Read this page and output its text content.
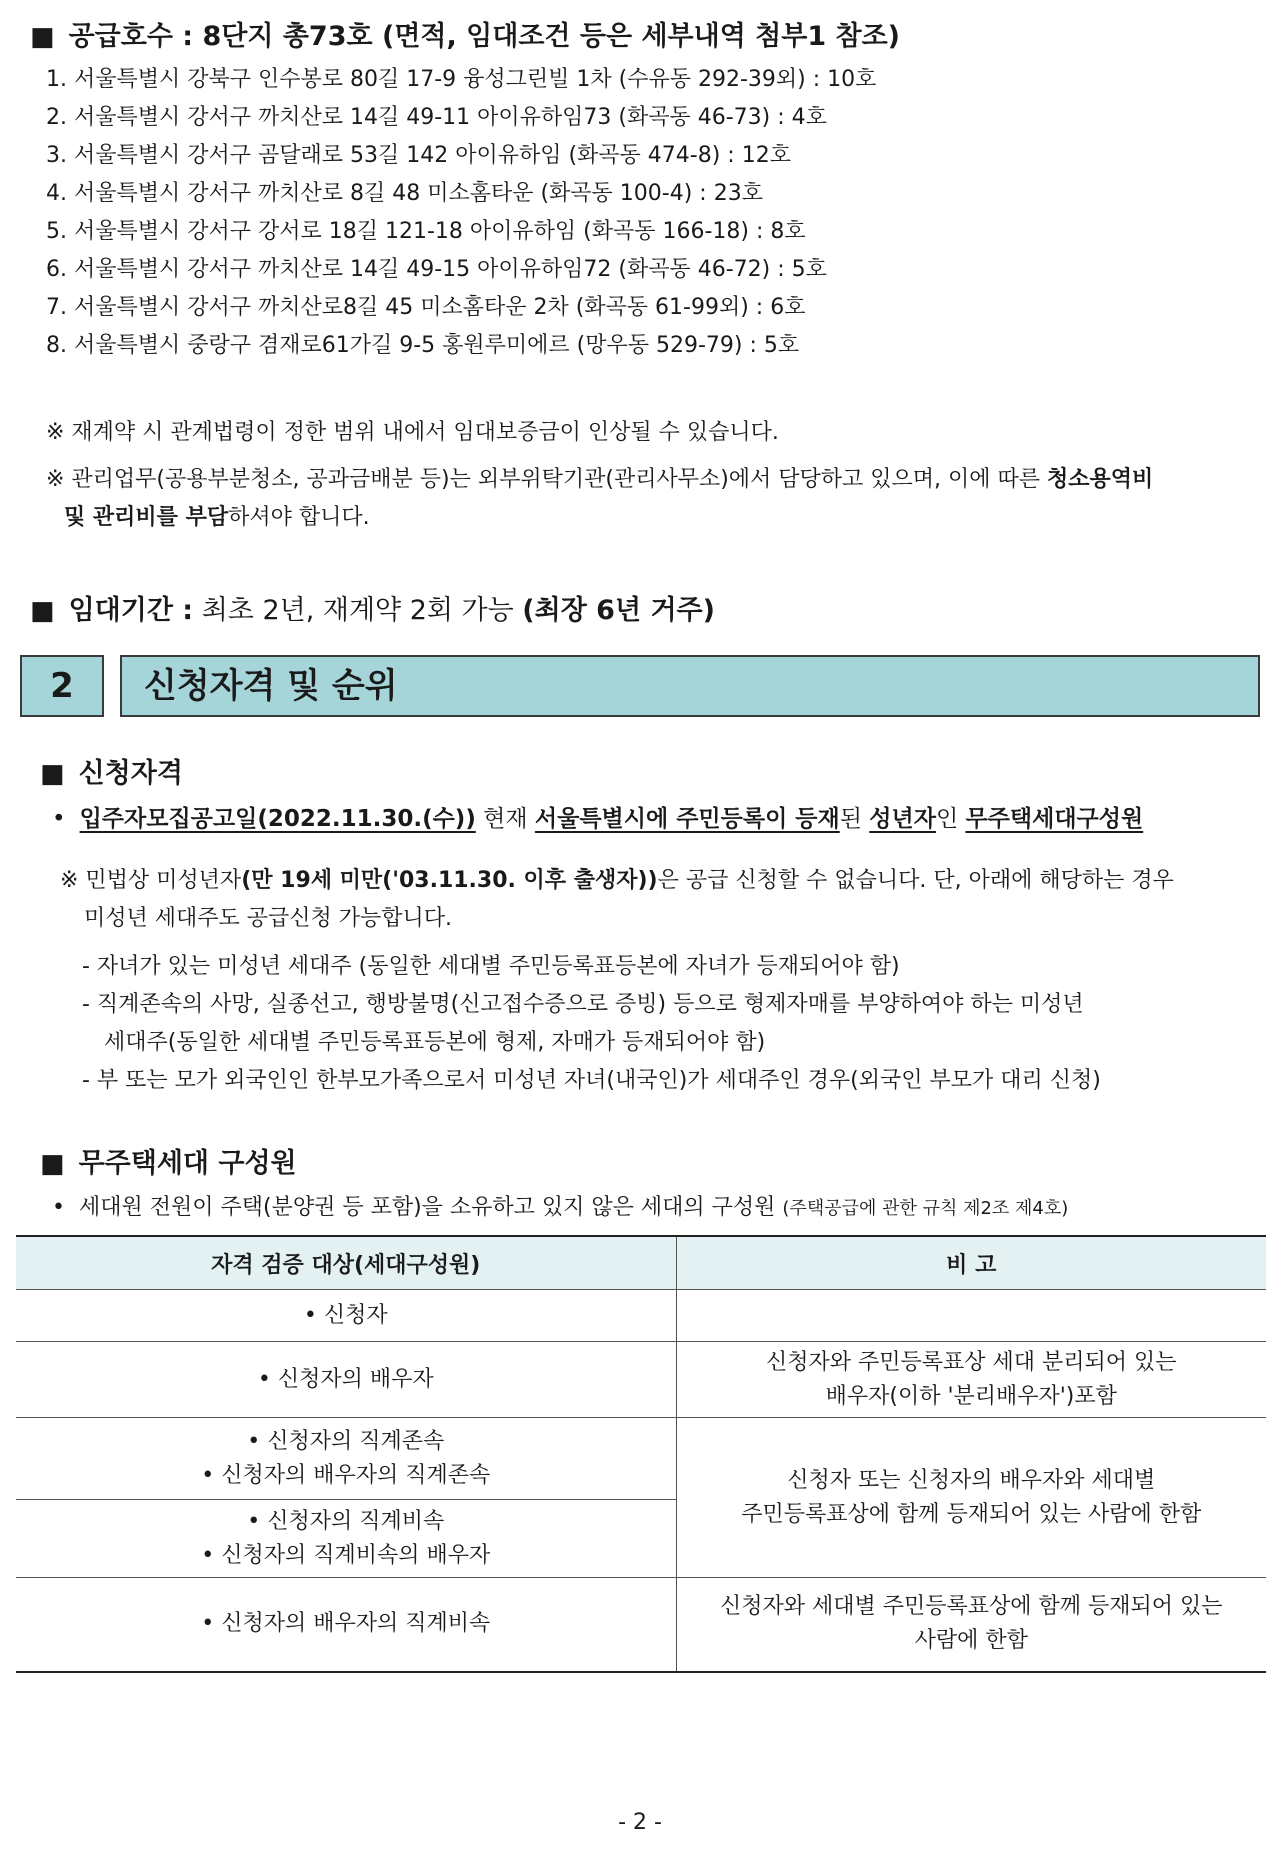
■ 공급호수 : 8단지 총73호 (면적, 임대조건 등은 세부내역 첨부1 참조)
1. 서울특별시 강북구 인수봉로 80길 17-9 융성그린빌 1차 (수유동 292-39외) : 10호
2. 서울특별시 강서구 까치산로 14길 49-11 아이유하임73 (화곡동 46-73) : 4호
3. 서울특별시 강서구 곰달래로 53길 142 아이유하임 (화곡동 474-8) : 12호
4. 서울특별시 강서구 까치산로 8길 48 미소홈타운 (화곡동 100-4) : 23호
5. 서울특별시 강서구 강서로 18길 121-18 아이유하임 (화곡동 166-18) : 8호
6. 서울특별시 강서구 까치산로 14길 49-15 아이유하임72 (화곡동 46-72) : 5호
7. 서울특별시 강서구 까치산로8길 45 미소홈타운 2차 (화곡동 61-99외) : 6호
8. 서울특별시 중랑구 겸재로61가길 9-5 홍원루미에르 (망우동 529-79) : 5호
※ 재계약 시 관계법령이 정한 범위 내에서 임대보증금이 인상될 수 있습니다.
※ 관리업무(공용부분청소, 공과금배분 등)는 외부위탁기관(관리사무소)에서 담당하고 있으며, 이에 따른 청소용역비
및 관리비를 부담하셔야 합니다.
■ 임대기간 : 최초 2년, 재계약 2회 가능 (최장 6년 거주)
2	신청자격 및 순위
■ 신청자격
• 입주자모집공고일(2022.11.30.(수)) 현재 서울특별시에 주민등록이 등재된 성년자인 무주택세대구성원
※ 민법상 미성년자(만 19세 미만('03.11.30. 이후 출생자))은 공급 신청할 수 없습니다. 단, 아래에 해당하는 경우
미성년 세대주도 공급신청 가능합니다.
- 자녀가 있는 미성년 세대주 (동일한 세대별 주민등록표등본에 자녀가 등재되어야 함)
- 직계존속의 사망, 실종선고, 행방불명(신고접수증으로 증빙) 등으로 형제자매를 부양하여야 하는 미성년
세대주(동일한 세대별 주민등록표등본에 형제, 자매가 등재되어야 함)
- 부 또는 모가 외국인인 한부모가족으로서 미성년 자녀(내국인)가 세대주인 경우(외국인 부모가 대리 신청)
■ 무주택세대 구성원
• 세대원 전원이 주택(분양권 등 포함)을 소유하고 있지 않은 세대의 구성원 (주택공급에 관한 규칙 제2조 제4호)
자격 검증 대상(세대구성원)	비 고
• 신청자	
• 신청자의 배우자	신청자와 주민등록표상 세대 분리되어 있는
배우자(이하 '분리배우자')포함

• 신청자의 직계존속
• 신청자의 배우자의 직계존속	신청자 또는 신청자의 배우자와 세대별
주민등록표상에 함께 등재되어 있는 사람에 한함

• 신청자의 직계비속
• 신청자의 직계비속의 배우자	

• 신청자의 배우자의 직계비속	신청자와 세대별 주민등록표상에 함께 등재되어 있는
사람에 한함
- 2 -
